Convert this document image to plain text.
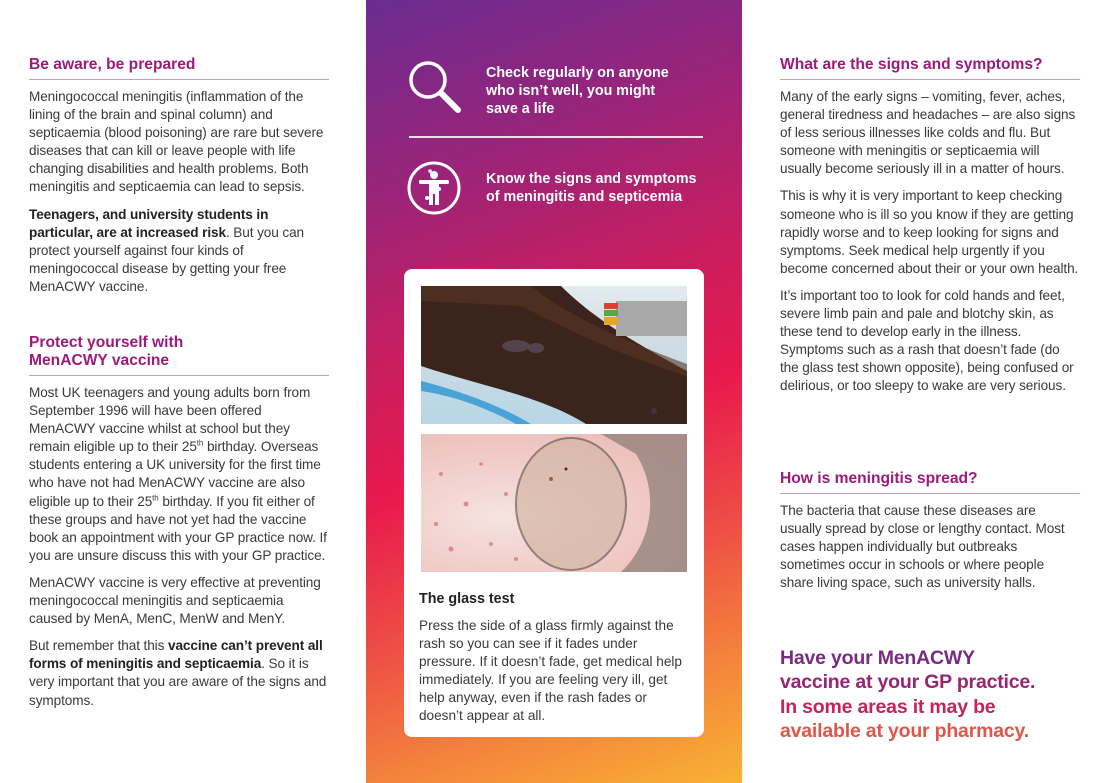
Be aware, be prepared

Meningococcal meningitis (inflammation of the lining of the brain and spinal column) and septicaemia (blood poisoning) are rare but severe diseases that can kill or leave people with life changing disabilities and health problems. Both meningitis and septicaemia can lead to sepsis.

Teenagers, and university students in particular, are at increased risk. But you can protect yourself against four kinds of meningococcal disease by getting your free MenACWY vaccine.

Protect yourself with
MenACWY vaccine

Most UK teenagers and young adults born from September 1996 will have been offered MenACWY vaccine whilst at school but they remain eligible up to their 25th birthday. Overseas students entering a UK university for the first time who have not had MenACWY vaccine are also eligible up to their 25th birthday. If you fit either of these groups and have not yet had the vaccine book an appointment with your GP practice now. If you are unsure discuss this with your GP practice.

MenACWY vaccine is very effective at preventing meningococcal meningitis and septicaemia caused by MenA, MenC, MenW and MenY.

But remember that this vaccine can’t prevent all forms of meningitis and septicaemia. So it is very important that you are aware of the signs and symptoms.

Check regularly on anyone who isn’t well, you might save a life
Know the signs and symptoms of meningitis and septicemia
The glass test
Press the side of a glass firmly against the rash so you can see if it fades under pressure. If it doesn’t fade, get medical help immediately. If you are feeling very ill, get help anyway, even if the rash fades or doesn’t appear at all.
What are the signs and symptoms?

Many of the early signs – vomiting, fever, aches, general tiredness and headaches – are also signs of less serious illnesses like colds and flu. But someone with meningitis or septicaemia will usually become seriously ill in a matter of hours.

This is why it is very important to keep checking someone who is ill so you know if they are getting rapidly worse and to keep looking for signs and symptoms. Seek medical help urgently if you become concerned about their or your own health.

It’s important too to look for cold hands and feet, severe limb pain and pale and blotchy skin, as these tend to develop early in the illness. Symptoms such as a rash that doesn’t fade (do the glass test shown opposite), being confused or delirious, or too sleepy to wake are very serious.

How is meningitis spread?

The bacteria that cause these diseases are usually spread by close or lengthy contact. Most cases happen individually but outbreaks sometimes occur in schools or where people share living space, such as university halls.

Have your MenACWY
vaccine at your GP practice.
In some areas it may be
available at your pharmacy.
